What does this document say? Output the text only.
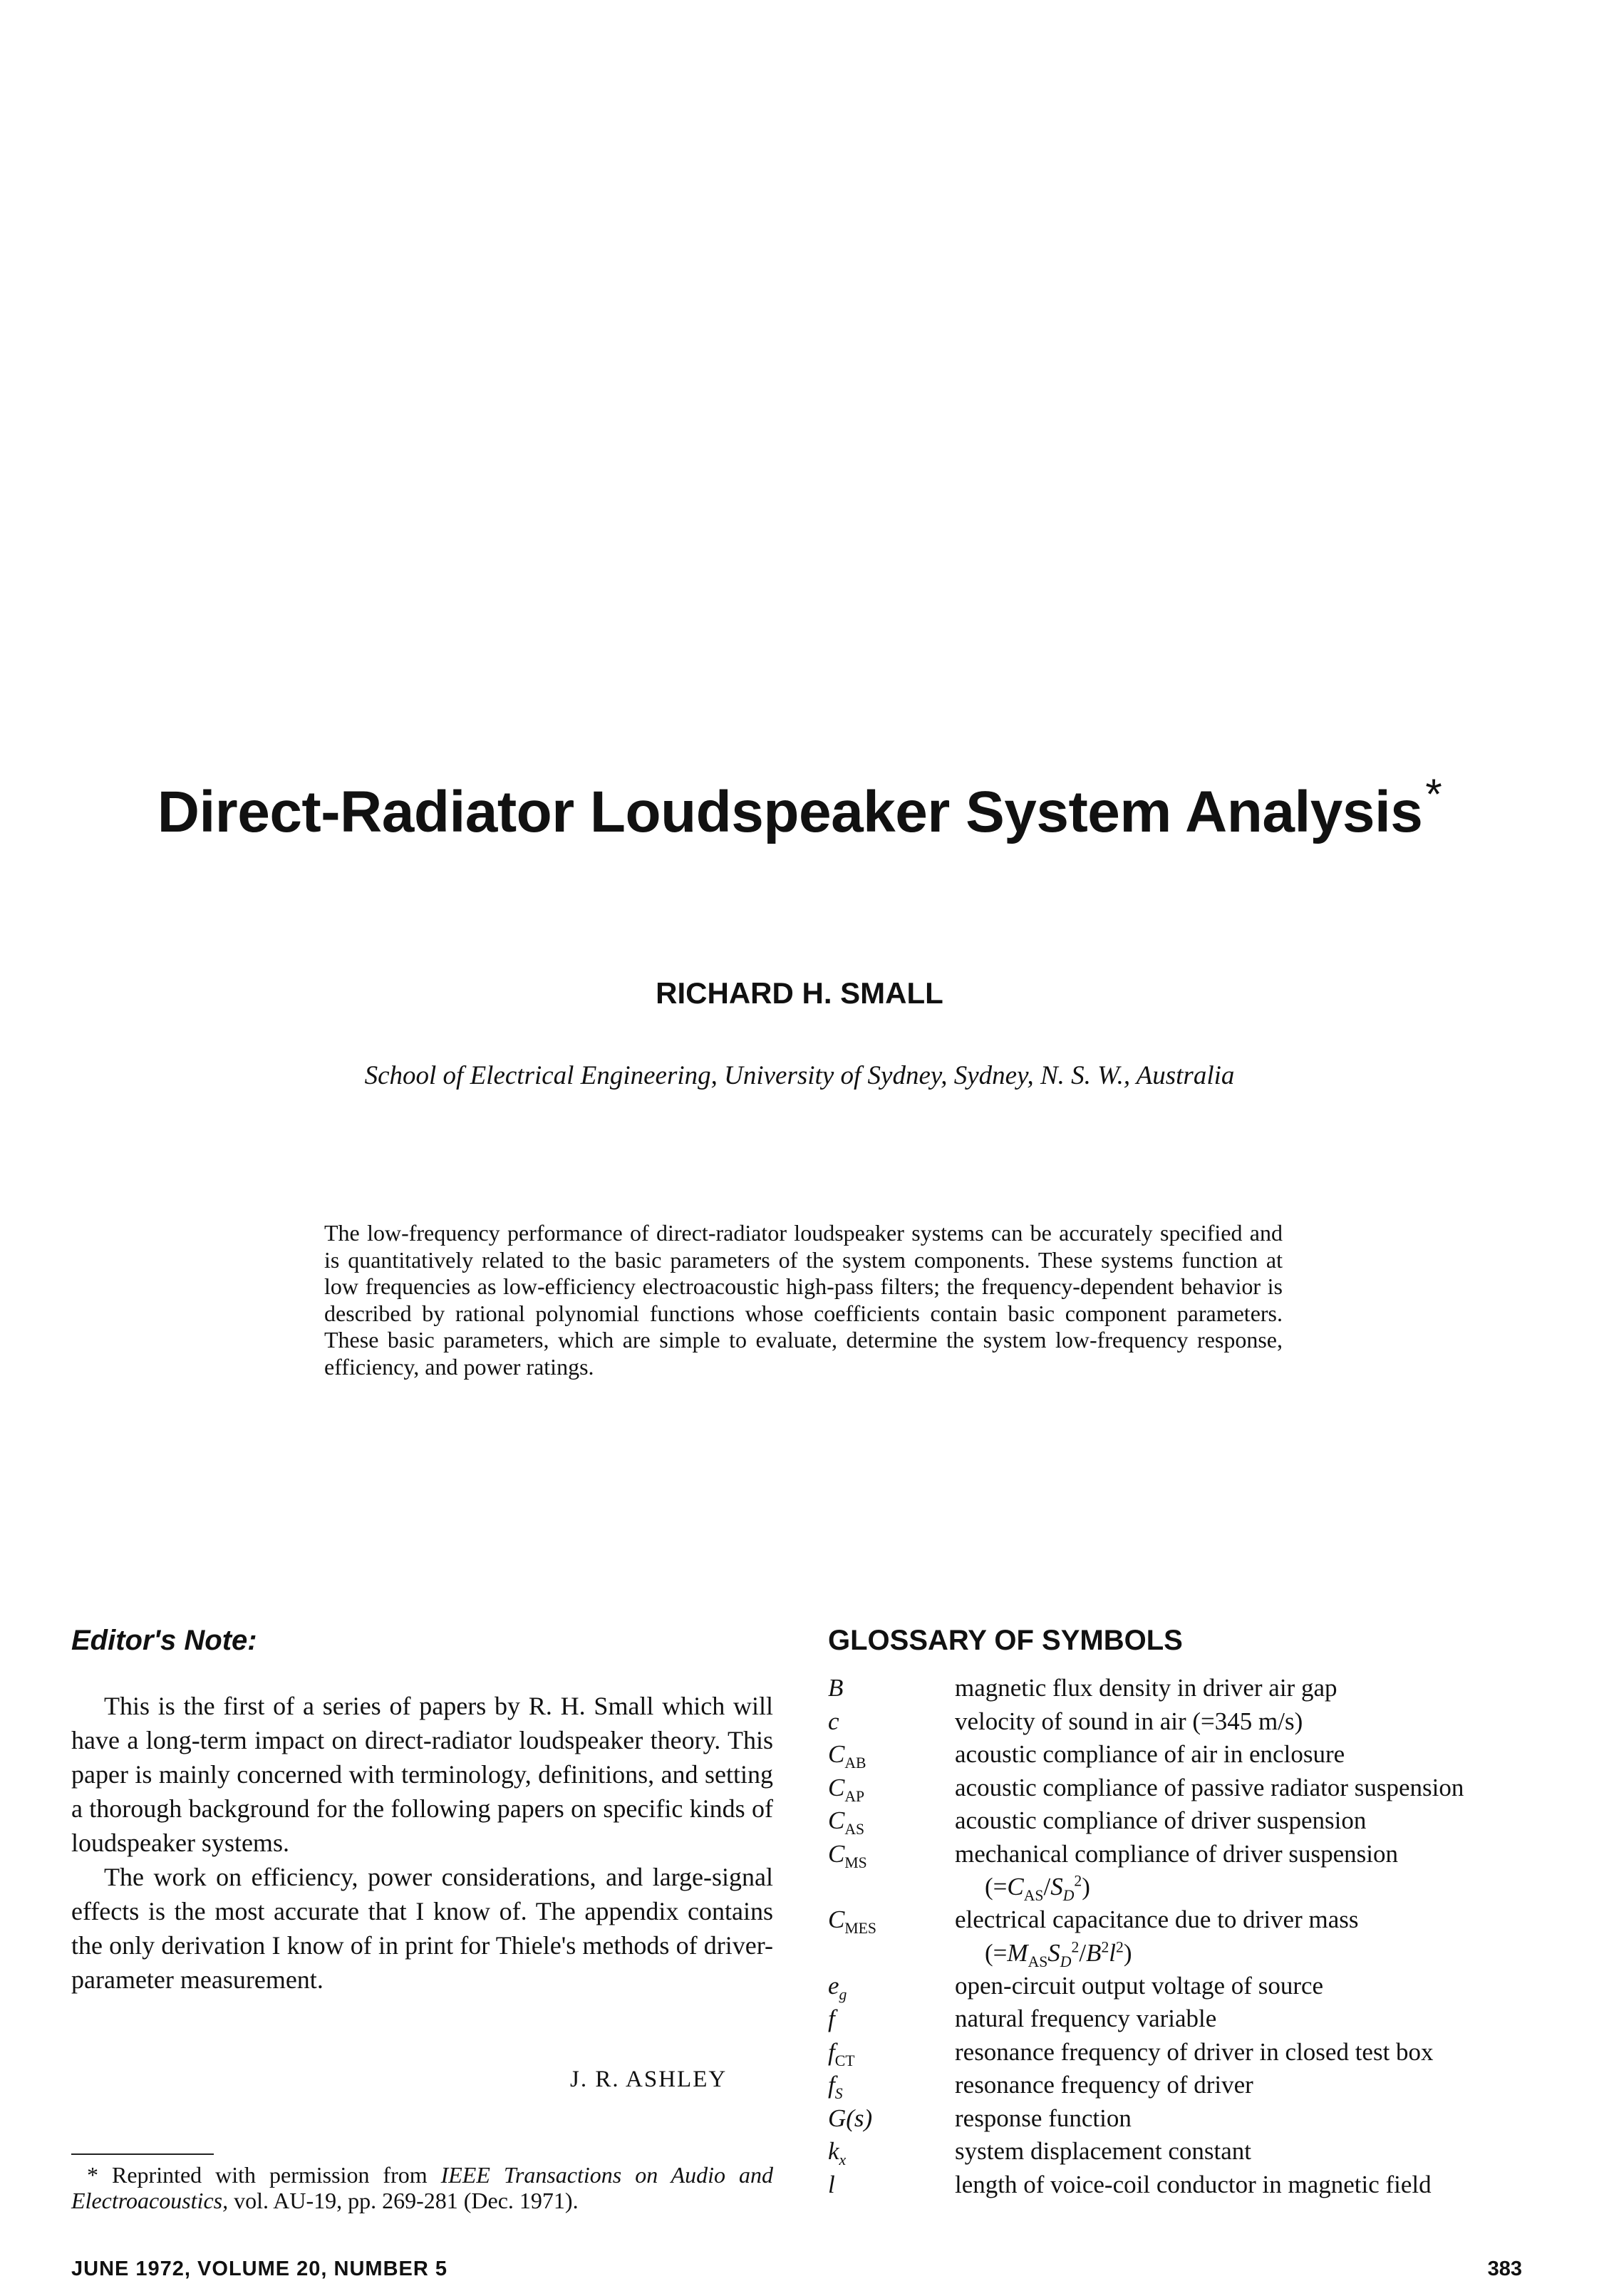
Direct-Radiator Loudspeaker System Analysis*
RICHARD H. SMALL
School of Electrical Engineering, University of Sydney, Sydney, N. S. W., Australia
The low-frequency performance of direct-radiator loudspeaker systems can be accurately specified and is quantitatively related to the basic parameters of the system components. These systems function at low frequencies as low-efficiency electroacoustic high-pass filters; the frequency-dependent behavior is described by rational polynomial functions whose coefficients contain basic component parameters. These basic parameters, which are simple to evaluate, determine the system low-frequency response, efficiency, and power ratings.
Editor's Note:

This is the first of a series of papers by R. H. Small which will have a long-term impact on direct-radiator loudspeaker theory. This paper is mainly concerned with terminology, definitions, and setting a thorough background for the following papers on specific kinds of loudspeaker systems.

The work on efficiency, power considerations, and large-signal effects is the most accurate that I know of. The appendix contains the only derivation I know of in print for Thiele's methods of driver-parameter measurement.

J. R. ASHLEY
* Reprinted with permission from IEEE Transactions on Audio and Electroacoustics, vol. AU-19, pp. 269-281 (Dec. 1971).
GLOSSARY OF SYMBOLS
B	magnetic flux density in driver air gap
c	velocity of sound in air (=345 m/s)
$C_{AB}$	acoustic compliance of air in enclosure
$C_{AP}$	acoustic compliance of passive radiator suspension
$C_{AS}$	acoustic compliance of driver suspension
$C_{MS}$	mechanical compliance of driver suspension
$(=C_{AS}/S_D^2)$

$C_{MES}$	electrical capacitance due to driver mass
$(=M_{AS}S_D^2/B^2l^2)$

$e_g$	open-circuit output voltage of source
f	natural frequency variable
$f_{CT}$	resonance frequency of driver in closed test box
$f_S$	resonance frequency of driver
G(s)	response function
$k_x$	system displacement constant
l	length of voice-coil conductor in magnetic field
JUNE 1972, VOLUME 20, NUMBER 5	383
